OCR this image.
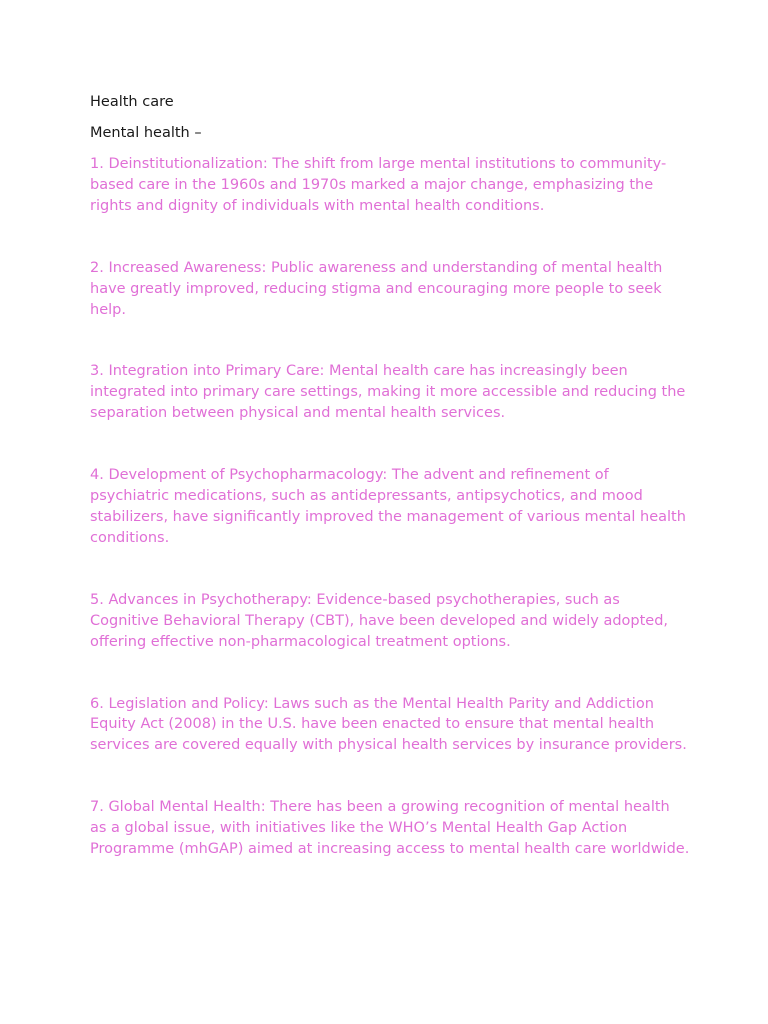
Health care

Mental health –

1. Deinstitutionalization: The shift from large mental institutions to community-based care in the 1960s and 1970s marked a major change, emphasizing the rights and dignity of individuals with mental health conditions.

2. Increased Awareness: Public awareness and understanding of mental health have greatly improved, reducing stigma and encouraging more people to seek help.

3. Integration into Primary Care: Mental health care has increasingly been integrated into primary care settings, making it more accessible and reducing the separation between physical and mental health services.

4. Development of Psychopharmacology: The advent and refinement of psychiatric medications, such as antidepressants, antipsychotics, and mood stabilizers, have significantly improved the management of various mental health conditions.

5. Advances in Psychotherapy: Evidence-based psychotherapies, such as Cognitive Behavioral Therapy (CBT), have been developed and widely adopted, offering effective non-pharmacological treatment options.

6. Legislation and Policy: Laws such as the Mental Health Parity and Addiction Equity Act (2008) in the U.S. have been enacted to ensure that mental health services are covered equally with physical health services by insurance providers.

7. Global Mental Health: There has been a growing recognition of mental health as a global issue, with initiatives like the WHO’s Mental Health Gap Action Programme (mhGAP) aimed at increasing access to mental health care worldwide.
